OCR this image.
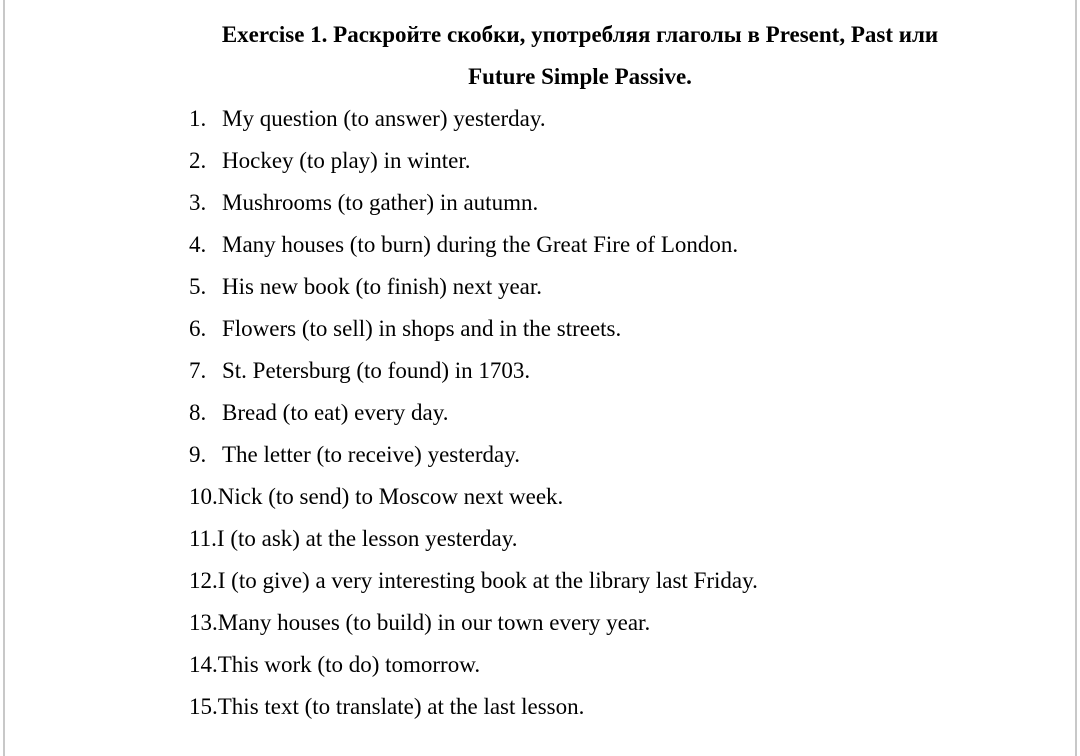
Exercise 1. Раскройте скобки, употребляя глаголы в Present, Past или
Future Simple Passive.
1. My question (to answer) yesterday.
2. Hockey (to play) in winter.
3. Mushrooms (to gather) in autumn.
4. Many houses (to burn) during the Great Fire of London.
5. His new book (to finish) next year.
6. Flowers (to sell) in shops and in the streets.
7. St. Petersburg (to found) in 1703.
8. Bread (to eat) every day.
9. The letter (to receive) yesterday.
10. Nick (to send) to Moscow next week.
11. I (to ask) at the lesson yesterday.
12. I (to give) a very interesting book at the library last Friday.
13. Many houses (to build) in our town every year.
14. This work (to do) tomorrow.
15. This text (to translate) at the last lesson.
